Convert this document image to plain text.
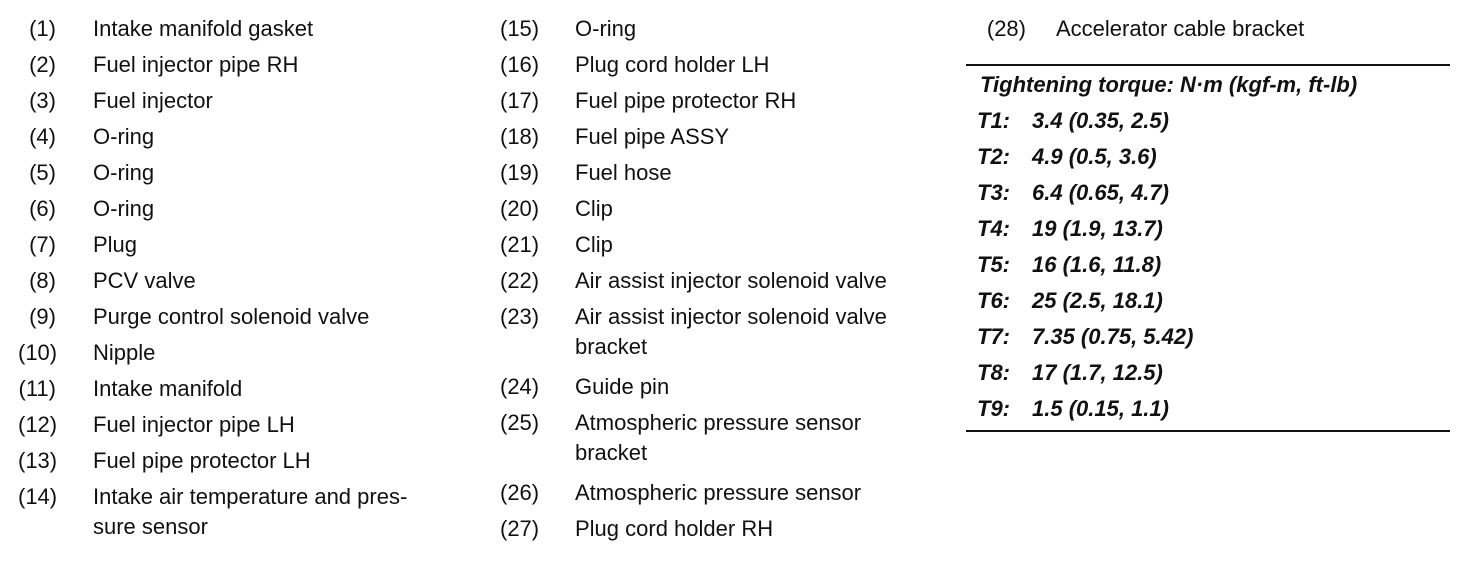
(1) Intake manifold gasket
(2) Fuel injector pipe RH
(3) Fuel injector
(4) O-ring
(5) O-ring
(6) O-ring
(7) Plug
(8) PCV valve
(9) Purge control solenoid valve
(10) Nipple
(11) Intake manifold
(12) Fuel injector pipe LH
(13) Fuel pipe protector LH
(14) Intake air temperature and pres-
sure sensor
(15)	O-ring
(16)	Plug cord holder LH
(17)	Fuel pipe protector RH
(18)	Fuel pipe ASSY
(19)	Fuel hose
(20)	Clip
(21)	Clip
(22)	Air assist injector solenoid valve
(23)	Air assist injector solenoid valve
bracket
(24)	Guide pin
(25)	Atmospheric pressure sensor
bracket
(26)	Atmospheric pressure sensor
(27)	Plug cord holder RH
(28) Accelerator cable bracket
Tightening torque: N·m (kgf-m, ft-lb)
T1:	3.4 (0.35, 2.5)
T2:	4.9 (0.5, 3.6)
T3:	6.4 (0.65, 4.7)
T4:	19 (1.9, 13.7)
T5:	16 (1.6, 11.8)
T6:	25 (2.5, 18.1)
T7:	7.35 (0.75, 5.42)
T8:	17 (1.7, 12.5)
T9:	1.5 (0.15, 1.1)
